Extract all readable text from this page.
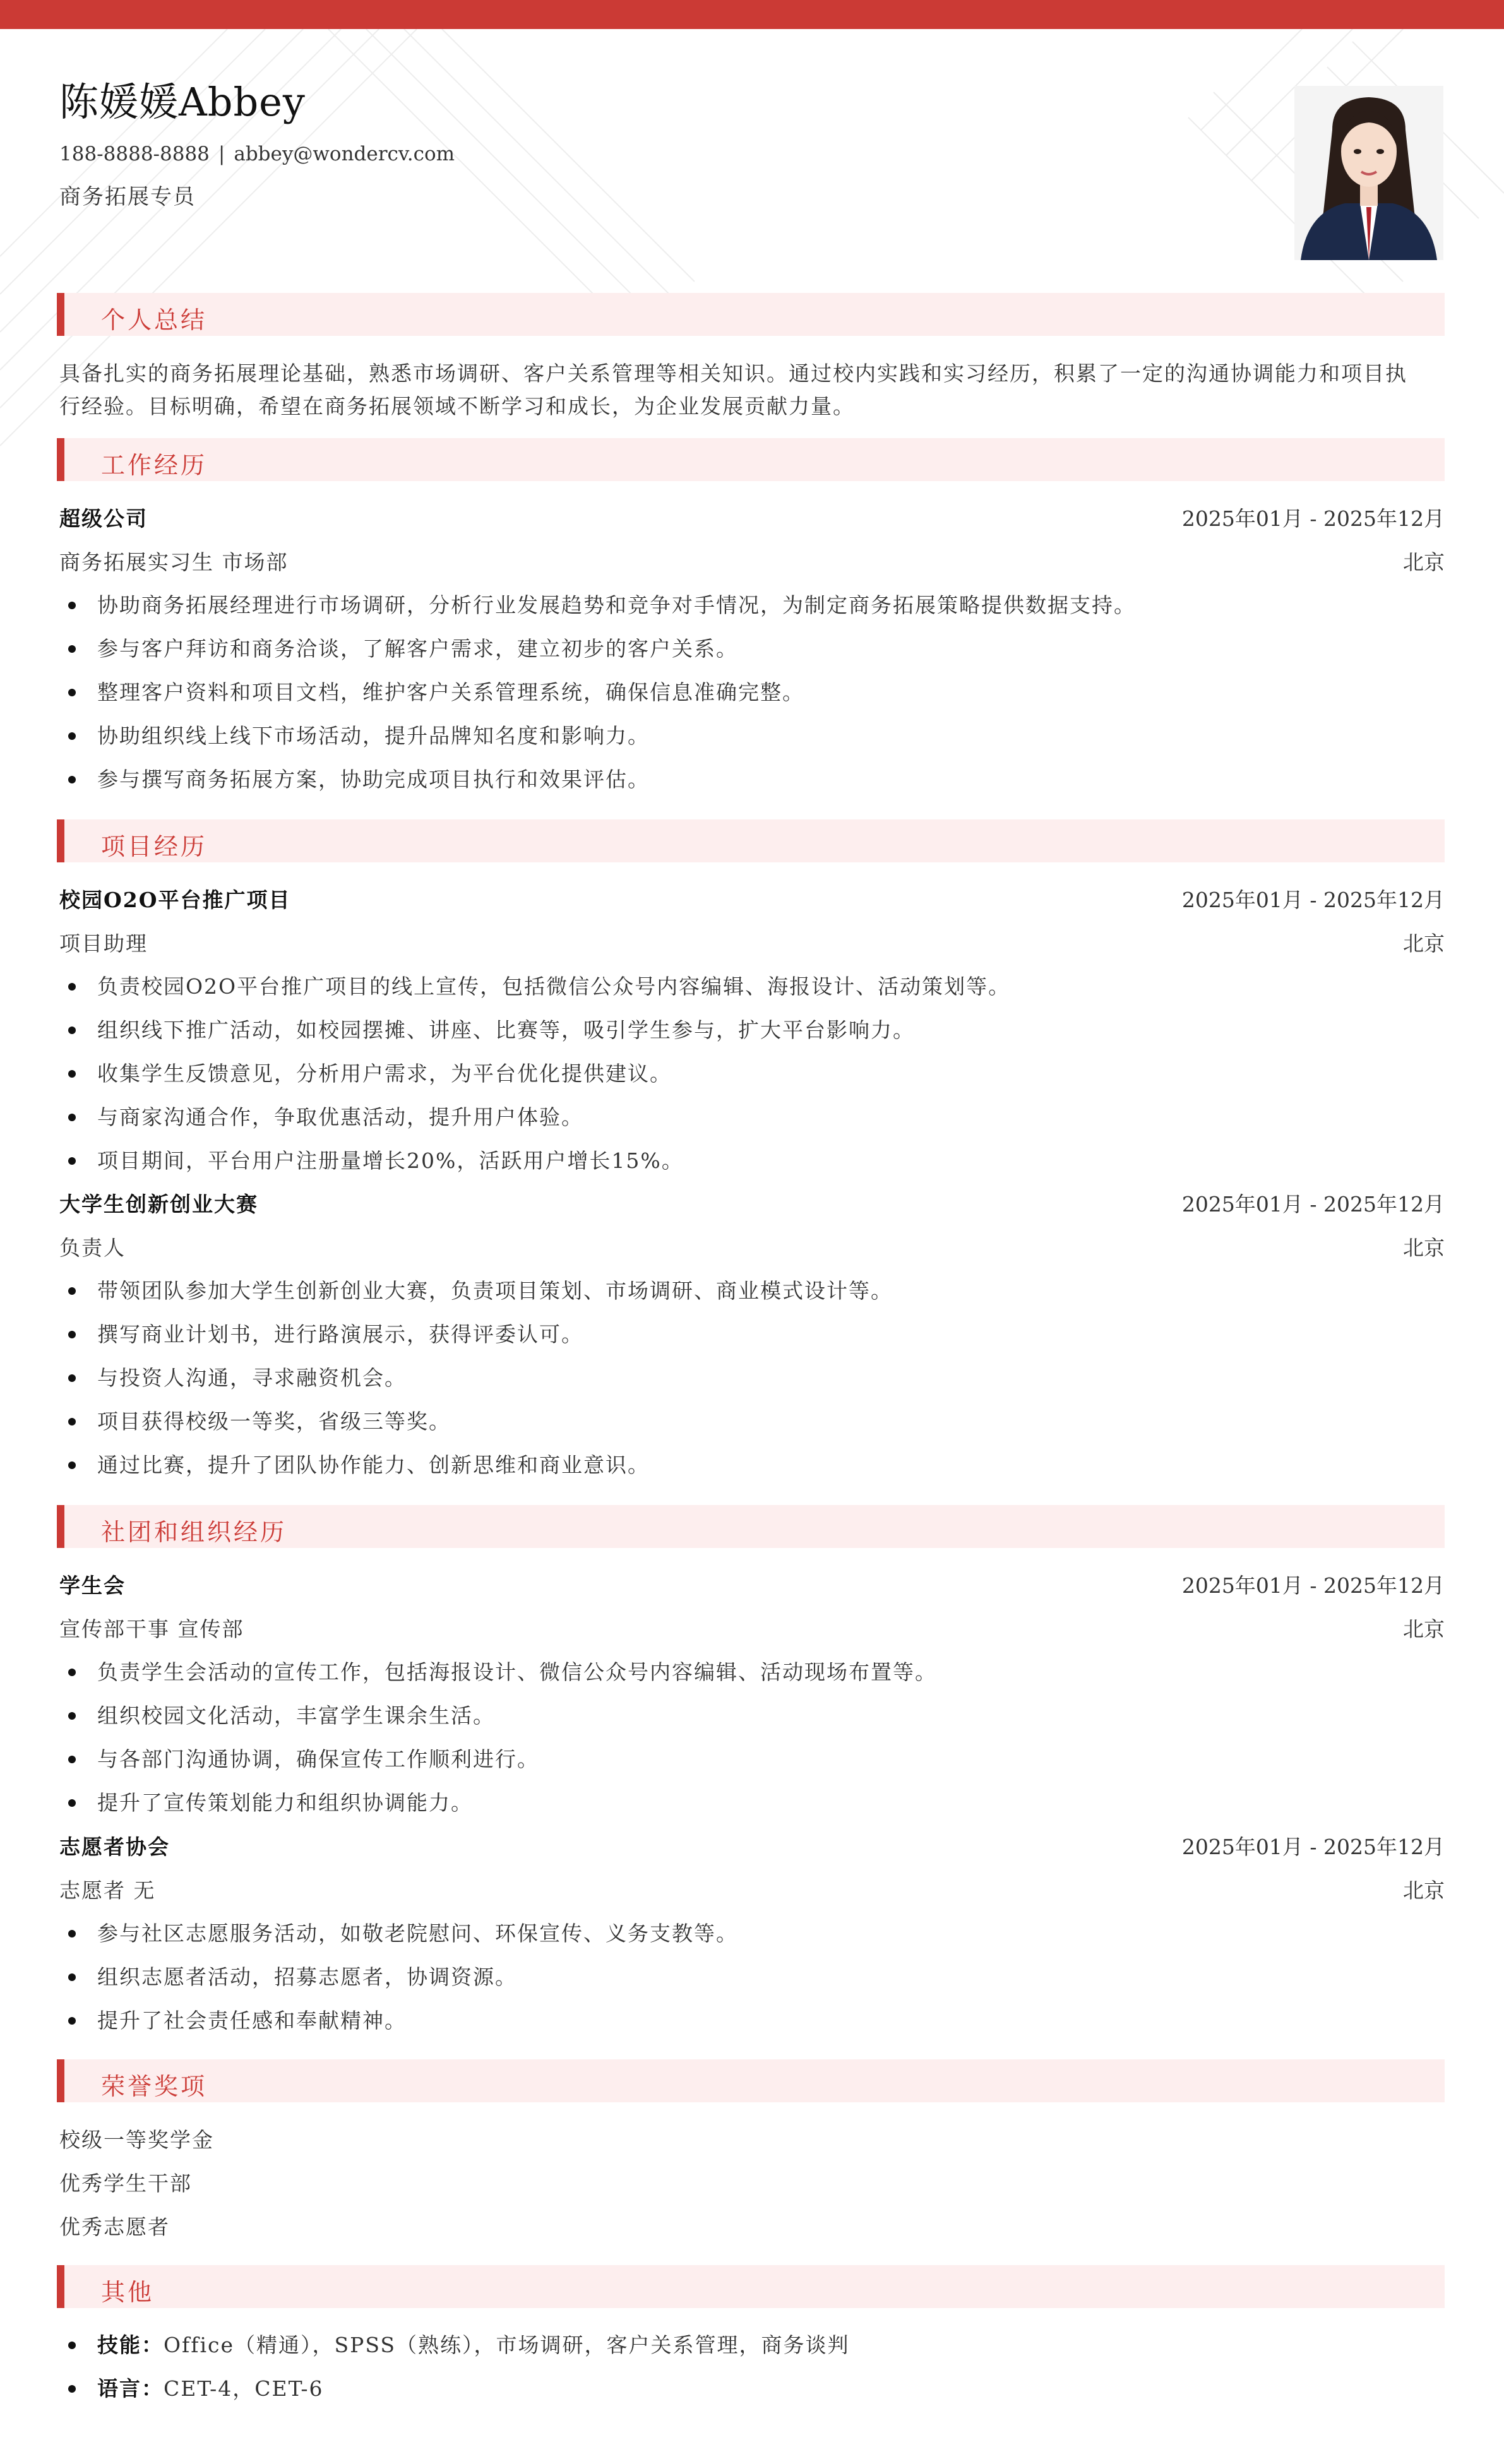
陈媛媛Abbey
188-8888-8888 | abbey@wondercv.com
商务拓展专员
个人总结
具备扎实的商务拓展理论基础，熟悉市场调研、客户关系管理等相关知识。通过校内实践和实习经历，积累了一定的沟通协调能力和项目执
行经验。目标明确，希望在商务拓展领域不断学习和成长，为企业发展贡献力量。
工作经历
超级公司	2025年01月 - 2025年12月
商务拓展实习生 市场部	北京
协助商务拓展经理进行市场调研，分析行业发展趋势和竞争对手情况，为制定商务拓展策略提供数据支持。
参与客户拜访和商务洽谈，了解客户需求，建立初步的客户关系。
整理客户资料和项目文档，维护客户关系管理系统，确保信息准确完整。
协助组织线上线下市场活动，提升品牌知名度和影响力。
参与撰写商务拓展方案，协助完成项目执行和效果评估。
项目经历
校园O2O平台推广项目	2025年01月 - 2025年12月
项目助理	北京
负责校园O2O平台推广项目的线上宣传，包括微信公众号内容编辑、海报设计、活动策划等。
组织线下推广活动，如校园摆摊、讲座、比赛等，吸引学生参与，扩大平台影响力。
收集学生反馈意见，分析用户需求，为平台优化提供建议。
与商家沟通合作，争取优惠活动，提升用户体验。
项目期间，平台用户注册量增长20%，活跃用户增长15%。
大学生创新创业大赛	2025年01月 - 2025年12月
负责人	北京
带领团队参加大学生创新创业大赛，负责项目策划、市场调研、商业模式设计等。
撰写商业计划书，进行路演展示，获得评委认可。
与投资人沟通，寻求融资机会。
项目获得校级一等奖，省级三等奖。
通过比赛，提升了团队协作能力、创新思维和商业意识。
社团和组织经历
学生会	2025年01月 - 2025年12月
宣传部干事 宣传部	北京
负责学生会活动的宣传工作，包括海报设计、微信公众号内容编辑、活动现场布置等。
组织校园文化活动，丰富学生课余生活。
与各部门沟通协调，确保宣传工作顺利进行。
提升了宣传策划能力和组织协调能力。
志愿者协会	2025年01月 - 2025年12月
志愿者 无	北京
参与社区志愿服务活动，如敬老院慰问、环保宣传、义务支教等。
组织志愿者活动，招募志愿者，协调资源。
提升了社会责任感和奉献精神。
荣誉奖项
校级一等奖学金
优秀学生干部
优秀志愿者
其他
技能：Office（精通），SPSS（熟练），市场调研，客户关系管理，商务谈判
语言：CET-4，CET-6
